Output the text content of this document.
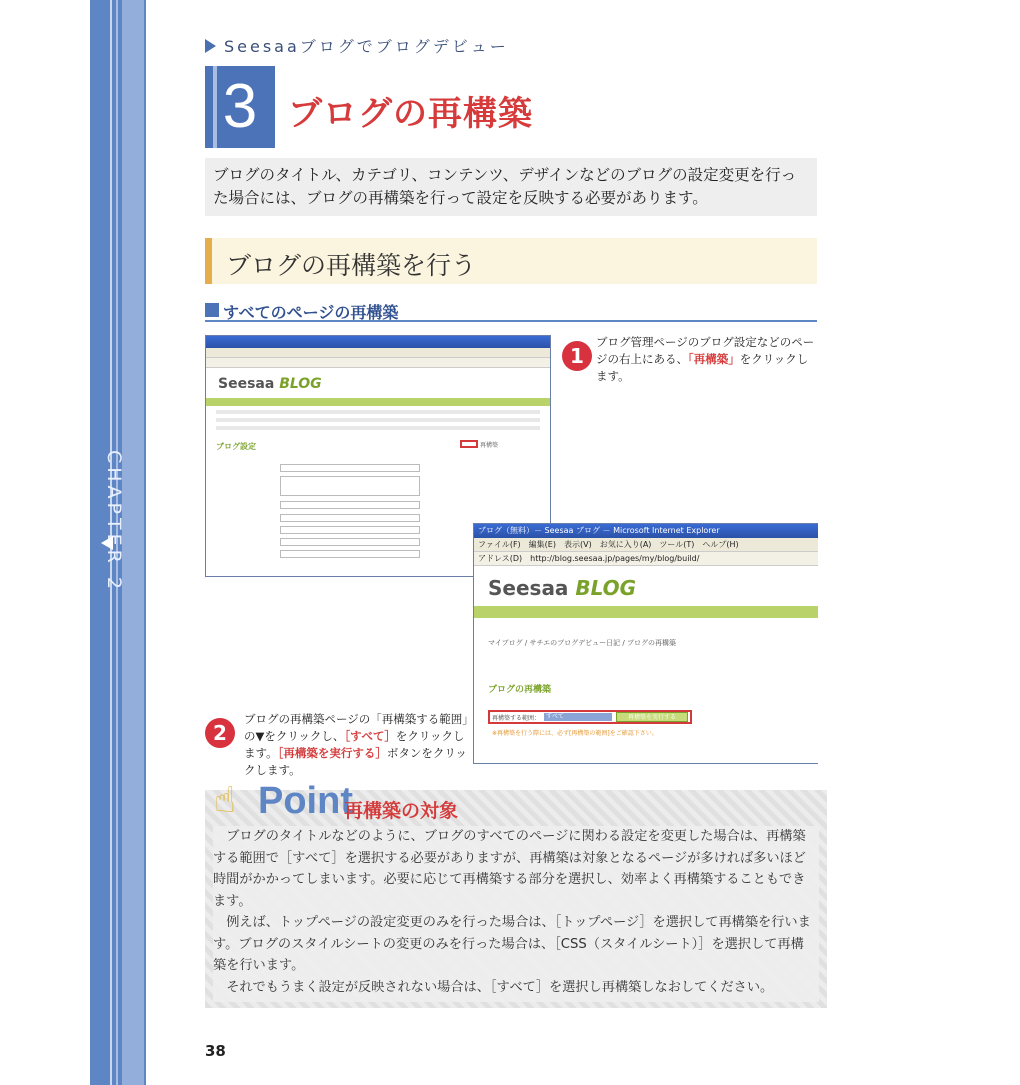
CHAPTER 2
Seesaaブログでブログデビュー
3 ブログの再構築
ブログのタイトル、カテゴリ、コンテンツ、デザインなどのブログの設定変更を行った場合には、ブログの再構築を行って設定を反映する必要があります。
ブログの再構築を行う
すべてのページの再構築
Seesaa BLOG
ブログ設定	再構築
ブログ（無料）－ Seesaa ブログ － Microsoft Internet Explorer
ファイル(F)　編集(E)　表示(V)　お気に入り(A)　ツール(T)　ヘルプ(H)
アドレス(D)　http://blog.seesaa.jp/pages/my/blog/build/
Seesaa BLOG
マイブログ / サチエのブログデビュー日記 / ブログの再構築
ブログの再構築
再構築する範囲： すべて	再構築を実行する
※再構築を行う際には、必ず[再構築の範囲]をご確認下さい。
1
ブログ管理ページのブログ設定などのページの右上にある、「再構築」をクリックします。
2
ブログの再構築ページの「再構築する範囲」の▼をクリックし、［すべて］をクリックします。［再構築を実行する］ボタンをクリックします。
☝ Point
再構築の対象

ブログのタイトルなどのように、ブログのすべてのページに関わる設定を変更した場合は、再構築する範囲で［すべて］を選択する必要がありますが、再構築は対象となるページが多ければ多いほど時間がかかってしまいます。必要に応じて再構築する部分を選択し、効率よく再構築することもできます。

例えば、トップページの設定変更のみを行った場合は、［トップページ］を選択して再構築を行います。ブログのスタイルシートの変更のみを行った場合は、［CSS（スタイルシート）］を選択して再構築を行います。

それでもうまく設定が反映されない場合は、［すべて］を選択し再構築しなおしてください。

38
